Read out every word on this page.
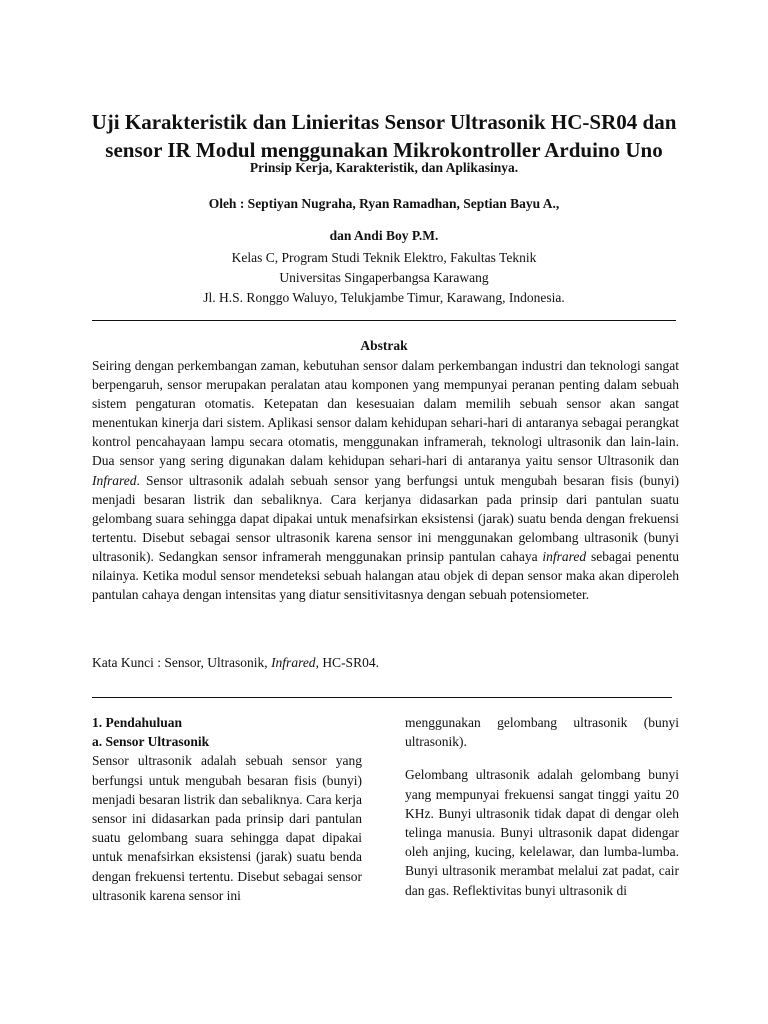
Uji Karakteristik dan Linieritas Sensor Ultrasonik HC-SR04 dan
sensor IR Modul menggunakan Mikrokontroller Arduino Uno

Prinsip Kerja, Karakteristik, dan Aplikasinya.

Oleh : Septiyan Nugraha, Ryan Ramadhan, Septian Bayu A.,
dan Andi Boy P.M.

Kelas C, Program Studi Teknik Elektro, Fakultas Teknik
Universitas Singaperbangsa Karawang
Jl. H.S. Ronggo Waluyo, Telukjambe Timur, Karawang, Indonesia.

Abstrak

Seiring dengan perkembangan zaman, kebutuhan sensor dalam perkembangan industri dan teknologi sangat berpengaruh, sensor merupakan peralatan atau komponen yang mempunyai peranan penting dalam sebuah sistem pengaturan otomatis. Ketepatan dan kesesuaian dalam memilih sebuah sensor akan sangat menentukan kinerja dari sistem. Aplikasi sensor dalam kehidupan sehari-hari di antaranya sebagai perangkat kontrol pencahayaan lampu secara otomatis, menggunakan inframerah, teknologi ultrasonik dan lain-lain. Dua sensor yang sering digunakan dalam kehidupan sehari-hari di antaranya yaitu sensor Ultrasonik dan Infrared. Sensor ultrasonik adalah sebuah sensor yang berfungsi untuk mengubah besaran fisis (bunyi) menjadi besaran listrik dan sebaliknya. Cara kerjanya didasarkan pada prinsip dari pantulan suatu gelombang suara sehingga dapat dipakai untuk menafsirkan eksistensi (jarak) suatu benda dengan frekuensi tertentu. Disebut sebagai sensor ultrasonik karena sensor ini menggunakan gelombang ultrasonik (bunyi ultrasonik). Sedangkan sensor inframerah menggunakan prinsip pantulan cahaya infrared sebagai penentu nilainya. Ketika modul sensor mendeteksi sebuah halangan atau objek di depan sensor maka akan diperoleh pantulan cahaya dengan intensitas yang diatur sensitivitasnya dengan sebuah potensiometer.

Kata Kunci : Sensor, Ultrasonik, Infrared, HC-SR04.

1. Pendahuluan
a. Sensor Ultrasonik

Sensor ultrasonik adalah sebuah sensor yang berfungsi untuk mengubah besaran fisis (bunyi) menjadi besaran listrik dan sebaliknya. Cara kerja sensor ini didasarkan pada prinsip dari pantulan suatu gelombang suara sehingga dapat dipakai untuk menafsirkan eksistensi (jarak) suatu benda dengan frekuensi tertentu. Disebut sebagai sensor ultrasonik karena sensor ini

menggunakan gelombang ultrasonik (bunyi ultrasonik).

Gelombang ultrasonik adalah gelombang bunyi yang mempunyai frekuensi sangat tinggi yaitu 20 KHz. Bunyi ultrasonik tidak dapat di dengar oleh telinga manusia. Bunyi ultrasonik dapat didengar oleh anjing, kucing, kelelawar, dan lumba-lumba. Bunyi ultrasonik merambat melalui zat padat, cair dan gas. Reflektivitas bunyi ultrasonik di
